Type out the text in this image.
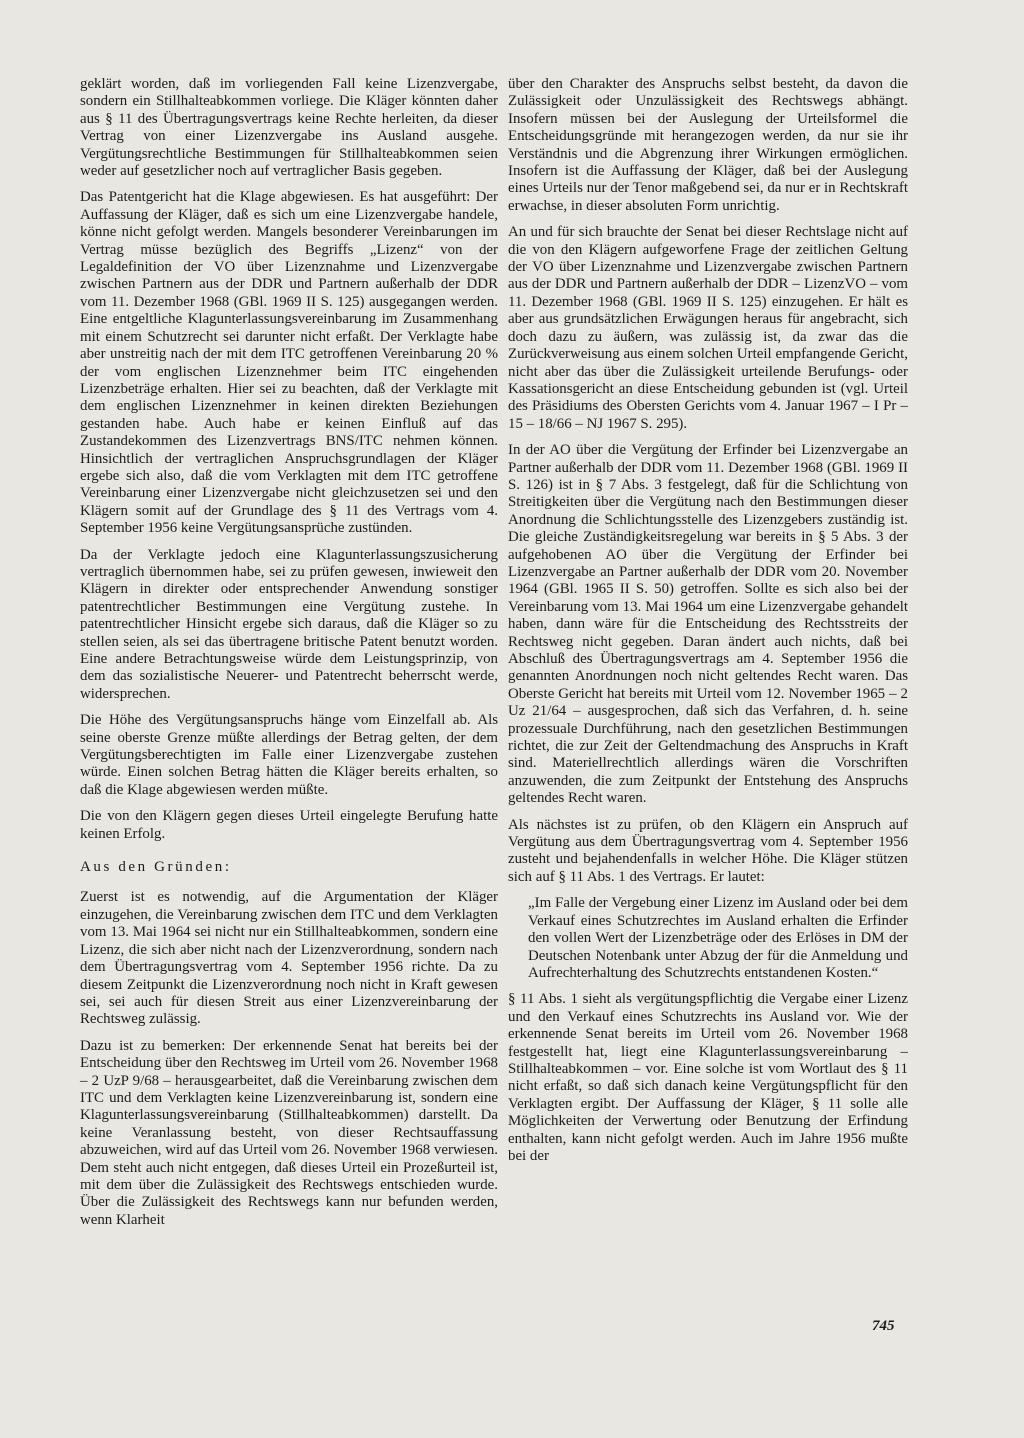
geklärt worden, daß im vorliegenden Fall keine Lizenzvergabe, sondern ein Stillhalteabkommen vorliege. Die Kläger könnten daher aus § 11 des Übertragungsvertrags keine Rechte herleiten, da dieser Vertrag von einer Lizenzvergabe ins Ausland ausgehe. Vergütungsrechtliche Bestimmungen für Stillhalteabkommen seien weder auf gesetzlicher noch auf vertraglicher Basis gegeben.

Das Patentgericht hat die Klage abgewiesen. Es hat ausgeführt: Der Auffassung der Kläger, daß es sich um eine Lizenzvergabe handele, könne nicht gefolgt werden. Mangels besonderer Vereinbarungen im Vertrag müsse bezüglich des Begriffs „Lizenz“ von der Legaldefinition der VO über Lizenznahme und Lizenzvergabe zwischen Partnern aus der DDR und Partnern außerhalb der DDR vom 11. Dezember 1968 (GBl. 1969 II S. 125) ausgegangen werden. Eine entgeltliche Klagunterlassungsvereinbarung im Zusammenhang mit einem Schutzrecht sei darunter nicht erfaßt. Der Verklagte habe aber unstreitig nach der mit dem ITC getroffenen Vereinbarung 20 % der vom englischen Lizenznehmer beim ITC eingehenden Lizenzbeträge erhalten. Hier sei zu beachten, daß der Verklagte mit dem englischen Lizenznehmer in keinen direkten Beziehungen gestanden habe. Auch habe er keinen Einfluß auf das Zustandekommen des Lizenzvertrags BNS/ITC nehmen können. Hinsichtlich der vertraglichen Anspruchsgrundlagen der Kläger ergebe sich also, daß die vom Verklagten mit dem ITC getroffene Vereinbarung einer Lizenzvergabe nicht gleichzusetzen sei und den Klägern somit auf der Grundlage des § 11 des Vertrags vom 4. September 1956 keine Vergütungsansprüche zustünden.

Da der Verklagte jedoch eine Klagunterlassungszusicherung vertraglich übernommen habe, sei zu prüfen gewesen, inwieweit den Klägern in direkter oder entsprechender Anwendung sonstiger patentrechtlicher Bestimmungen eine Vergütung zustehe. In patentrechtlicher Hinsicht ergebe sich daraus, daß die Kläger so zu stellen seien, als sei das übertragene britische Patent benutzt worden. Eine andere Betrachtungsweise würde dem Leistungsprinzip, von dem das sozialistische Neuerer- und Patentrecht beherrscht werde, widersprechen.

Die Höhe des Vergütungsanspruchs hänge vom Einzelfall ab. Als seine oberste Grenze müßte allerdings der Betrag gelten, der dem Vergütungsberechtigten im Falle einer Lizenzvergabe zustehen würde. Einen solchen Betrag hätten die Kläger bereits erhalten, so daß die Klage abgewiesen werden müßte.

Die von den Klägern gegen dieses Urteil eingelegte Berufung hatte keinen Erfolg.

Aus den Gründen:

Zuerst ist es notwendig, auf die Argumentation der Kläger einzugehen, die Vereinbarung zwischen dem ITC und dem Verklagten vom 13. Mai 1964 sei nicht nur ein Stillhalteabkommen, sondern eine Lizenz, die sich aber nicht nach der Lizenzverordnung, sondern nach dem Übertragungsvertrag vom 4. September 1956 richte. Da zu diesem Zeitpunkt die Lizenzverordnung noch nicht in Kraft gewesen sei, sei auch für diesen Streit aus einer Lizenzvereinbarung der Rechtsweg zulässig.

Dazu ist zu bemerken: Der erkennende Senat hat bereits bei der Entscheidung über den Rechtsweg im Urteil vom 26. November 1968 – 2 UzP 9/68 – herausgearbeitet, daß die Vereinbarung zwischen dem ITC und dem Verklagten keine Lizenzvereinbarung ist, sondern eine Klagunterlassungsvereinbarung (Stillhalteabkommen) darstellt. Da keine Veranlassung besteht, von dieser Rechtsauffassung abzuweichen, wird auf das Urteil vom 26. November 1968 verwiesen. Dem steht auch nicht entgegen, daß dieses Urteil ein Prozeßurteil ist, mit dem über die Zulässigkeit des Rechtswegs entschieden wurde. Über die Zulässigkeit des Rechtswegs kann nur befunden werden, wenn Klarheit

über den Charakter des Anspruchs selbst besteht, da davon die Zulässigkeit oder Unzulässigkeit des Rechtswegs abhängt. Insofern müssen bei der Auslegung der Urteilsformel die Entscheidungsgründe mit herangezogen werden, da nur sie ihr Verständnis und die Abgrenzung ihrer Wirkungen ermöglichen. Insofern ist die Auffassung der Kläger, daß bei der Auslegung eines Urteils nur der Tenor maßgebend sei, da nur er in Rechtskraft erwachse, in dieser absoluten Form unrichtig.

An und für sich brauchte der Senat bei dieser Rechtslage nicht auf die von den Klägern aufgeworfene Frage der zeitlichen Geltung der VO über Lizenznahme und Lizenzvergabe zwischen Partnern aus der DDR und Partnern außerhalb der DDR – LizenzVO – vom 11. Dezember 1968 (GBl. 1969 II S. 125) einzugehen. Er hält es aber aus grundsätzlichen Erwägungen heraus für angebracht, sich doch dazu zu äußern, was zulässig ist, da zwar das die Zurückverweisung aus einem solchen Urteil empfangende Gericht, nicht aber das über die Zulässigkeit urteilende Berufungs- oder Kassationsgericht an diese Entscheidung gebunden ist (vgl. Urteil des Präsidiums des Obersten Gerichts vom 4. Januar 1967 – I Pr – 15 – 18/66 – NJ 1967 S. 295).

In der AO über die Vergütung der Erfinder bei Lizenzvergabe an Partner außerhalb der DDR vom 11. Dezember 1968 (GBl. 1969 II S. 126) ist in § 7 Abs. 3 festgelegt, daß für die Schlichtung von Streitigkeiten über die Vergütung nach den Bestimmungen dieser Anordnung die Schlichtungsstelle des Lizenzgebers zuständig ist. Die gleiche Zuständigkeitsregelung war bereits in § 5 Abs. 3 der aufgehobenen AO über die Vergütung der Erfinder bei Lizenzvergabe an Partner außerhalb der DDR vom 20. November 1964 (GBl. 1965 II S. 50) getroffen. Sollte es sich also bei der Vereinbarung vom 13. Mai 1964 um eine Lizenzvergabe gehandelt haben, dann wäre für die Entscheidung des Rechtsstreits der Rechtsweg nicht gegeben. Daran ändert auch nichts, daß bei Abschluß des Übertragungsvertrags am 4. September 1956 die genannten Anordnungen noch nicht geltendes Recht waren. Das Oberste Gericht hat bereits mit Urteil vom 12. November 1965 – 2 Uz 21/64 – ausgesprochen, daß sich das Verfahren, d. h. seine prozessuale Durchführung, nach den gesetzlichen Bestimmungen richtet, die zur Zeit der Geltendmachung des Anspruchs in Kraft sind. Materiellrechtlich allerdings wären die Vorschriften anzuwenden, die zum Zeitpunkt der Entstehung des Anspruchs geltendes Recht waren.

Als nächstes ist zu prüfen, ob den Klägern ein Anspruch auf Vergütung aus dem Übertragungsvertrag vom 4. September 1956 zusteht und bejahendenfalls in welcher Höhe. Die Kläger stützen sich auf § 11 Abs. 1 des Vertrags. Er lautet:

„Im Falle der Vergebung einer Lizenz im Ausland oder bei dem Verkauf eines Schutzrechtes im Ausland erhalten die Erfinder den vollen Wert der Lizenzbeträge oder des Erlöses in DM der Deutschen Notenbank unter Abzug der für die Anmeldung und Aufrechterhaltung des Schutzrechts entstandenen Kosten.“

§ 11 Abs. 1 sieht als vergütungspflichtig die Vergabe einer Lizenz und den Verkauf eines Schutzrechts ins Ausland vor. Wie der erkennende Senat bereits im Urteil vom 26. November 1968 festgestellt hat, liegt eine Klagunterlassungsvereinbarung – Stillhalteabkommen – vor. Eine solche ist vom Wortlaut des § 11 nicht erfaßt, so daß sich danach keine Vergütungspflicht für den Verklagten ergibt. Der Auffassung der Kläger, § 11 solle alle Möglichkeiten der Verwertung oder Benutzung der Erfindung enthalten, kann nicht gefolgt werden. Auch im Jahre 1956 mußte bei der

745
